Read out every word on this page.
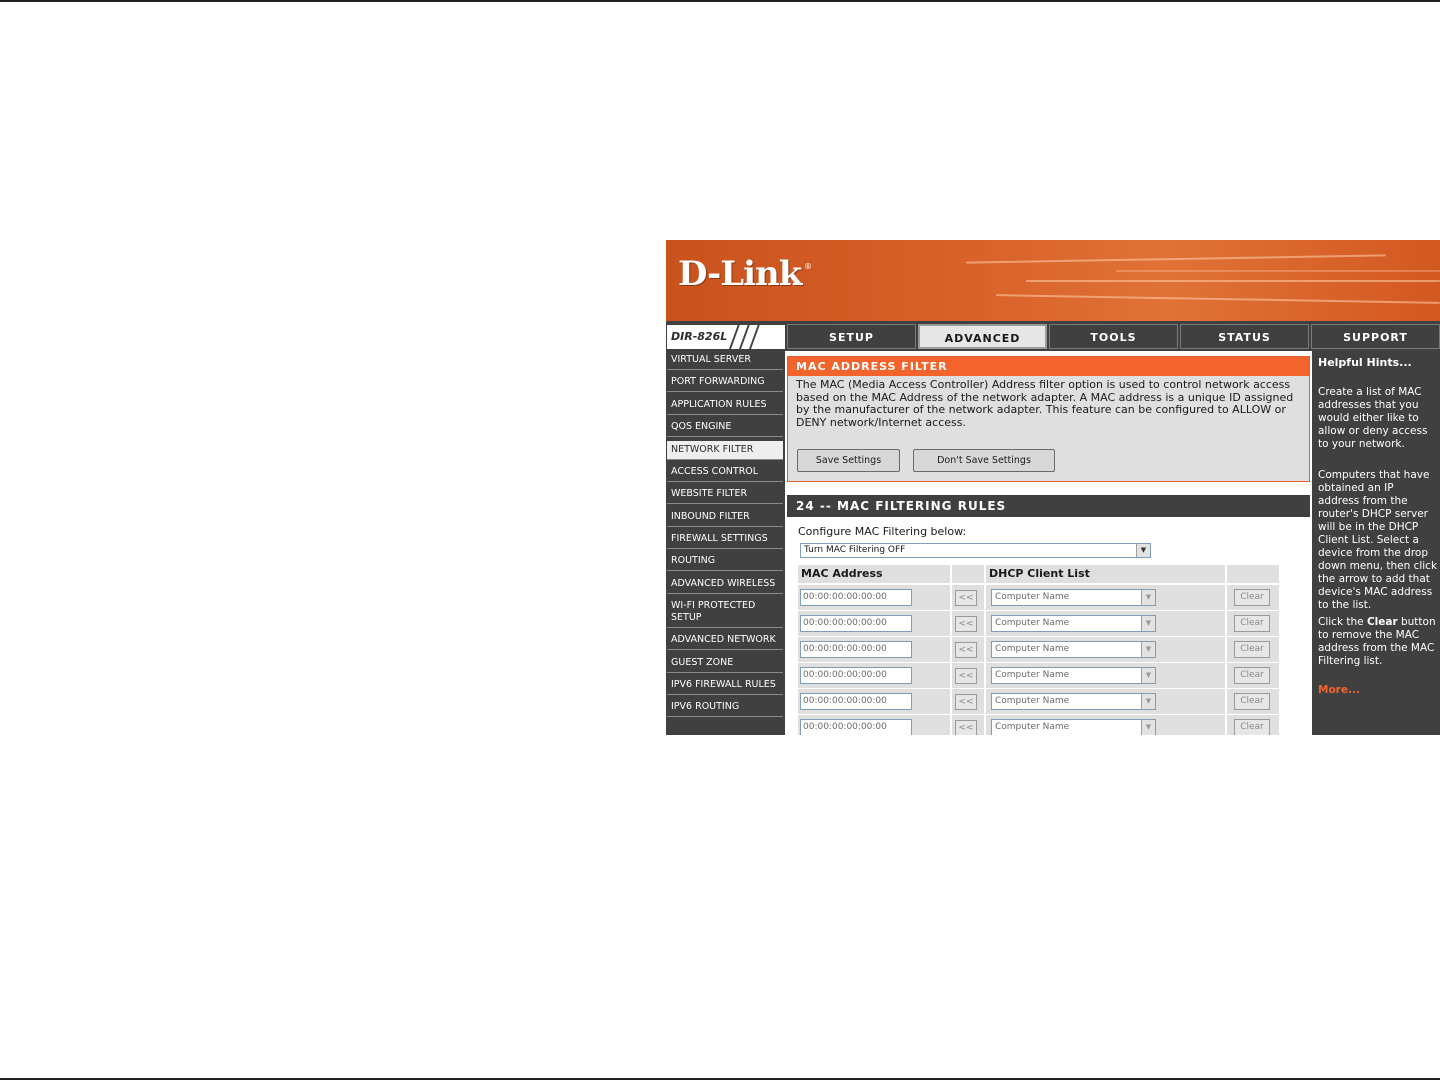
D-Link ®
DIR-826L	SETUP	ADVANCED	TOOLS	STATUS	SUPPORT
VIRTUAL SERVER
PORT FORWARDING
APPLICATION RULES
QOS ENGINE
NETWORK FILTER
ACCESS CONTROL
WEBSITE FILTER
INBOUND FILTER
FIREWALL SETTINGS
ROUTING
ADVANCED WIRELESS
WI-FI PROTECTED SETUP
ADVANCED NETWORK
GUEST ZONE
IPV6 FIREWALL RULES
IPV6 ROUTING
MAC ADDRESS FILTER
The MAC (Media Access Controller) Address filter option is used to control network access based on the MAC Address of the network adapter. A MAC address is a unique ID assigned by the manufacturer of the network adapter. This feature can be configured to ALLOW or DENY network/Internet access.
Save Settings	Don't Save Settings
24 -- MAC FILTERING RULES
Configure MAC Filtering below:
Turn MAC Filtering OFF	▼
MAC Address	DHCP Client List
00:00:00:00:00:00	<<	Computer Name	▼	Clear
00:00:00:00:00:00	<<	Computer Name	▼	Clear
00:00:00:00:00:00	<<	Computer Name	▼	Clear
00:00:00:00:00:00	<<	Computer Name	▼	Clear
00:00:00:00:00:00	<<	Computer Name	▼	Clear
00:00:00:00:00:00	<<	Computer Name	▼	Clear
Helpful Hints...
Create a list of MAC addresses that you would either like to allow or deny access to your network.
Computers that have obtained an IP address from the router's DHCP server will be in the DHCP Client List. Select a device from the drop down menu, then click the arrow to add that device's MAC address to the list.
Click the Clear button to remove the MAC address from the MAC Filtering list.
More...
